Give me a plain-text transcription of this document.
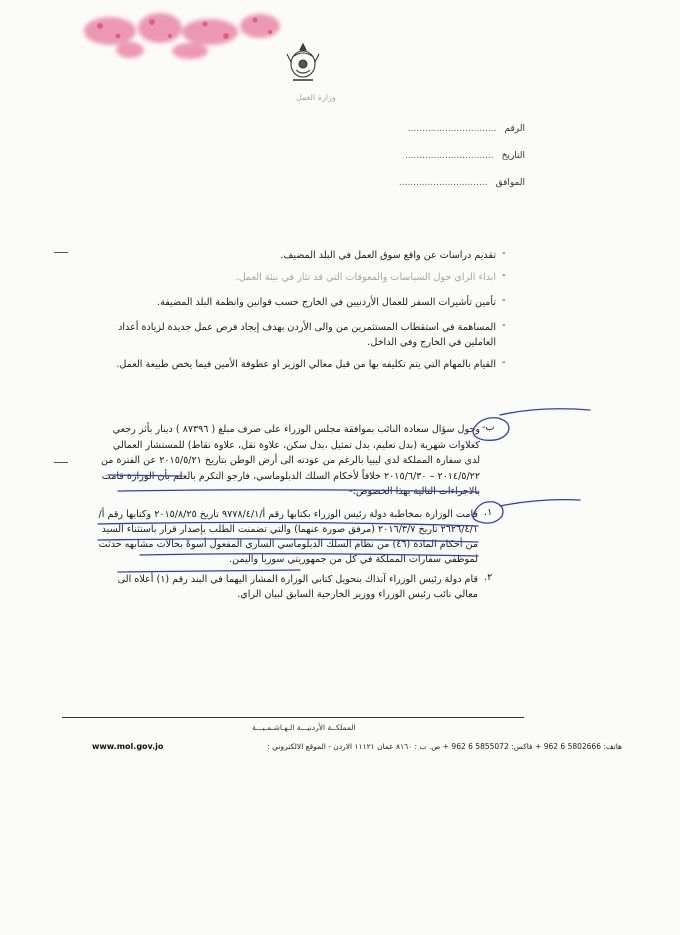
وزارة العمل
الرقم...............................
التاريخ...............................
الموافق...............................
-
تقديم دراسات عن واقع سوق العمل في البلد المضيف.
-
ابداء الراي حول السياسات والمعوقات التي قد تثار في بيئة العمل.
-
تأمين تأشيرات السفر للعمال الأردنيين في الخارج حسب قوانين وانظمة البلد المضيفة.
-
المساهمة في استقطاب المستثمرين من والى الأردن بهدف إيجاد فرص عمل جديدة لزيادة أعداد العاملين في الخارج وفي الداخل.
-
القيام بالمهام التي يتم تكليفه بها من قبل معالي الوزير او عطوفة الأمين فيما يخص طبيعة العمل.
ب-
وحول سؤال سعادة النائب بموافقة مجلس الوزراء على صرف مبلغ ( ٨٧٣٩٦ ) دينار بأثر رجعي كعلاوات شهرية (بدل تعليم، بدل تمثيل ،بدل سكن، علاوة نقل، علاوة نقاط) للمستشار العمالي لدى سفارة المملكة لدى ليبيا بالرغم من عودته الى أرض الوطن بتاريخ ٢٠١٥/٥/٢١ عن الفترة من ٢٠١٤/٥/٢٢ – ٢٠١٥/٦/٣٠ خلافاً لأحكام السلك الدبلوماسي، فارجو التكرم بالعلم بأن الوزارة قامت بالاجراءات التالية بهذا الخصوص:-
١.
قامت الوزارة بمخاطبة دولة رئيس الوزراء بكتابها رقم أ/٩٧٧٨/٤/١ تاريخ ٢٠١٥/٨/٢٥ وكتابها رقم أ/٢٦٢٦/٤/١ تاريخ ٢٠١٦/٣/٧ (مرفق صورة عنهما) والتي تضمنت الطلب بإصدار قرار باستثناء السيد من أحكام المادة (٤٦) من نظام السلك الدبلوماسي الساري المفعول أسوةً بحالات مشابهه حدثت لموظفي سفارات المملكة في كل من جمهوريتي سوريا واليمن.
٢.
قام دولة رئيس الوزراء آنذاك بتحويل كتابي الوزارة المشار اليهما في البند رقم (١) أعلاه الى معالي نائب رئيس الوزراء ووزير الخارجية السابق لبيان الراي.
المملكــة الأردنيـــة الـهـاشـمـيـــة
هاتف: 5802666 6 962 + فاكس: 5855072 6 962 + ص. ب : ٨١٦٠ عمان ١١١٢١ الاردن - الموقع الالكتروني :
www.mol.gov.jo
